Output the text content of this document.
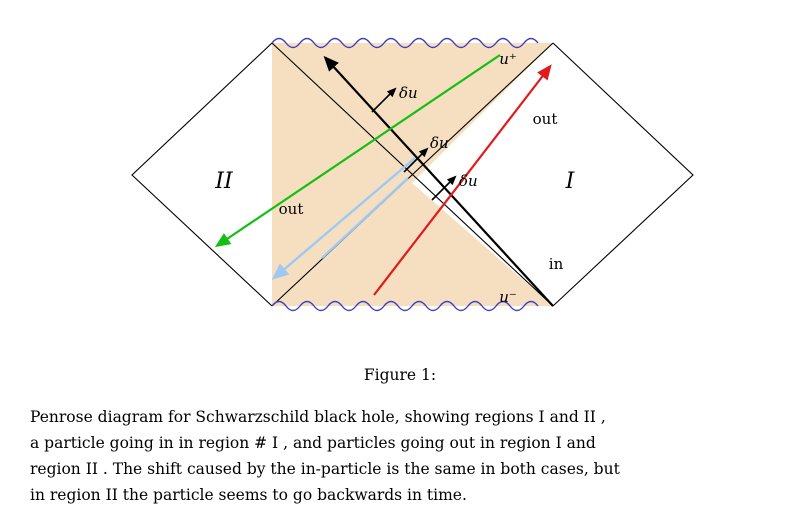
II	I
u⁺
u⁻
in
out
out
δu
δu
δu
Figure 1:
Penrose diagram for Schwarzschild black hole, showing regions I and II ,
a particle going in in region # I , and particles going out in region I and
region II . The shift caused by the in-particle is the same in both cases, but
in region II the particle seems to go backwards in time.
